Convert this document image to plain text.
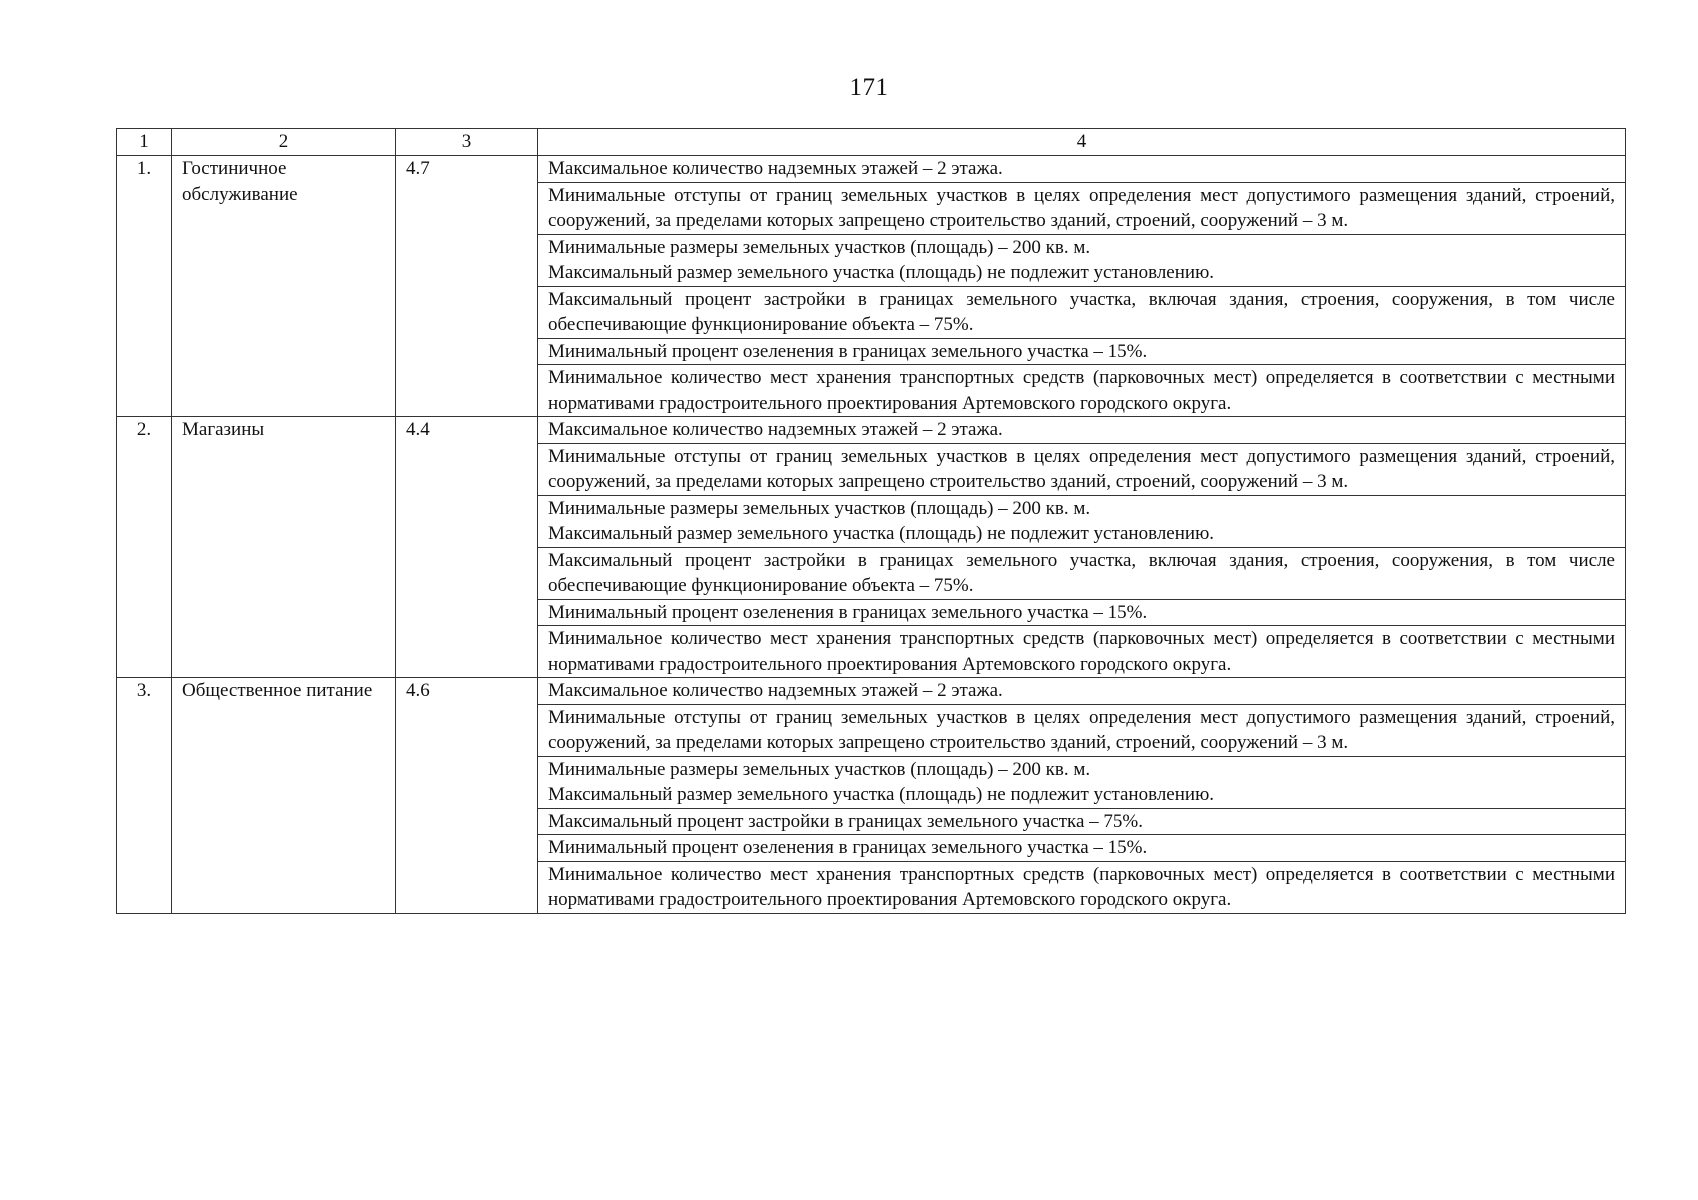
171
1	2	3	4
1.	Гостиничное обслуживание	4.7	Максимальное количество надземных этажей – 2 этажа.
			Минимальные отступы от границ земельных участков в целях определения мест допустимого размещения зданий, строений, сооружений, за пределами которых запрещено строительство зданий, строений, сооружений – 3 м.
			Минимальные размеры земельных участков (площадь) – 200 кв. м.
Максимальный размер земельного участка (площадь) не подлежит установлению.
			Максимальный процент застройки в границах земельного участка, включая здания, строения, сооружения, в том числе обеспечивающие функционирование объекта – 75%.
			Минимальный процент озеленения в границах земельного участка – 15%.
			Минимальное количество мест хранения транспортных средств (парковочных мест) определяется в соответствии с местными нормативами градостроительного проектирования Артемовского городского округа.
2.	Магазины	4.4	Максимальное количество надземных этажей – 2 этажа.
			Минимальные отступы от границ земельных участков в целях определения мест допустимого размещения зданий, строений, сооружений, за пределами которых запрещено строительство зданий, строений, сооружений – 3 м.
			Минимальные размеры земельных участков (площадь) – 200 кв. м.
Максимальный размер земельного участка (площадь) не подлежит установлению.
			Максимальный процент застройки в границах земельного участка, включая здания, строения, сооружения, в том числе обеспечивающие функционирование объекта – 75%.
			Минимальный процент озеленения в границах земельного участка – 15%.
			Минимальное количество мест хранения транспортных средств (парковочных мест) определяется в соответствии с местными нормативами градостроительного проектирования Артемовского городского округа.
3.	Общественное питание	4.6	Максимальное количество надземных этажей – 2 этажа.
			Минимальные отступы от границ земельных участков в целях определения мест допустимого размещения зданий, строений, сооружений, за пределами которых запрещено строительство зданий, строений, сооружений – 3 м.
			Минимальные размеры земельных участков (площадь) – 200 кв. м.
Максимальный размер земельного участка (площадь) не подлежит установлению.
			Максимальный процент застройки в границах земельного участка – 75%.
			Минимальный процент озеленения в границах земельного участка – 15%.
			Минимальное количество мест хранения транспортных средств (парковочных мест) определяется в соответствии с местными нормативами градостроительного проектирования Артемовского городского округа.
